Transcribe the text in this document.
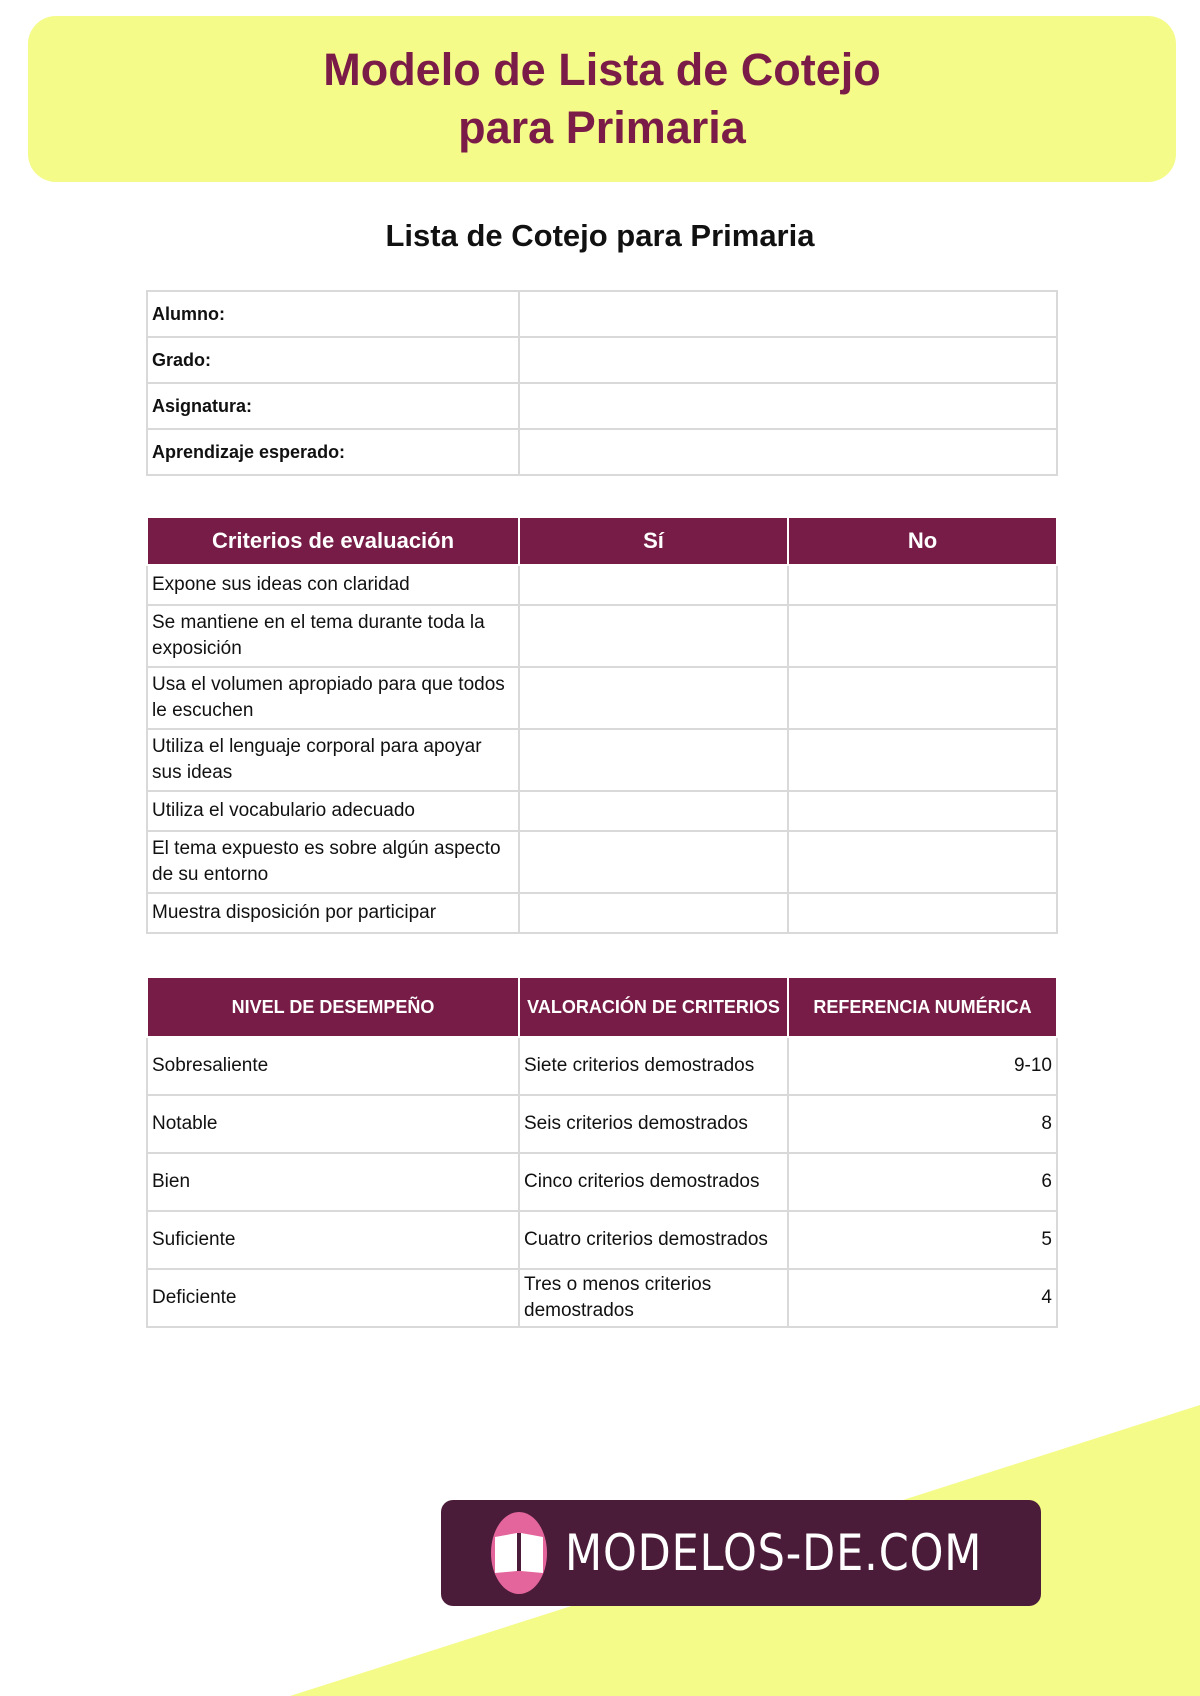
Modelo de Lista de Cotejo
para Primaria
Lista de Cotejo para Primaria
Alumno:	
Grado:	
Asignatura:	
Aprendizaje esperado:	
Criterios de evaluación	Sí	No
Expone sus ideas con claridad		
Se mantiene en el tema durante toda la exposición		
Usa el volumen apropiado para que todos le escuchen		
Utiliza el lenguaje corporal para apoyar sus ideas		
Utiliza el vocabulario adecuado		
El tema expuesto es sobre algún aspecto de su entorno		
Muestra disposición por participar		
NIVEL DE DESEMPEÑO	VALORACIÓN DE CRITERIOS	REFERENCIA NUMÉRICA
Sobresaliente	Siete criterios demostrados	9-10
Notable	Seis criterios demostrados	8
Bien	Cinco criterios demostrados	6
Suficiente	Cuatro criterios demostrados	5
Deficiente	Tres o menos criterios demostrados	4
MODELOS-DE.COM
